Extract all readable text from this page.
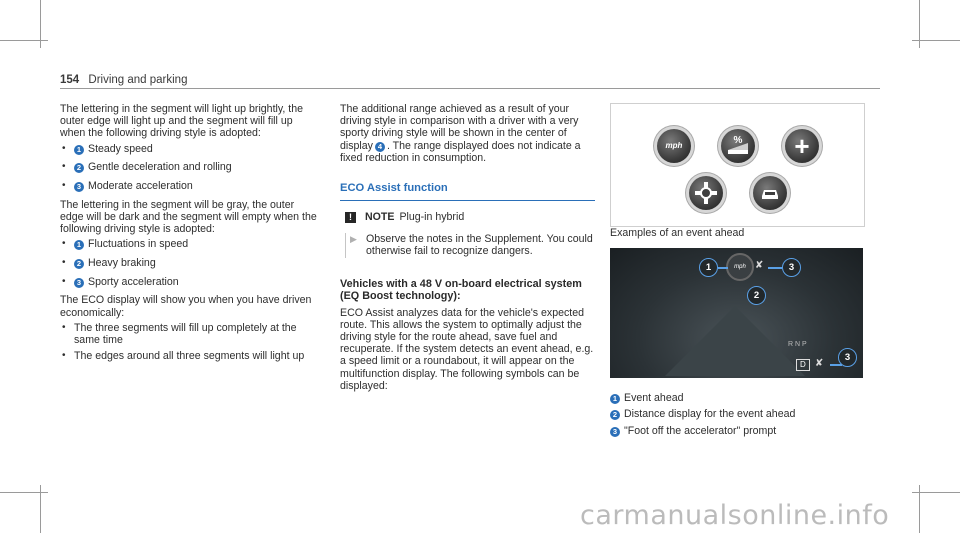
154 Driving and parking

The lettering in the segment will light up brightly, the outer edge will light up and the segment will fill up when the following driving style is adopted:

• 1 Steady speed
• 2 Gentle deceleration and rolling
• 3 Moderate acceleration

The lettering in the segment will be gray, the outer edge will be dark and the segment will empty when the following driving style is adopted:

• 1 Fluctuations in speed
• 2 Heavy braking
• 3 Sporty acceleration

The ECO display will show you when you have driven economically:

• The three segments will fill up completely at the same time
• The edges around all three segments will light up

The additional range achieved as a result of your driving style in comparison with a driver with a very sporty driving style will be shown in the center of display 4 . The range displayed does not indicate a fixed reduction in consumption.

ECO Assist function
!	NOTE Plug-in hybrid
▶ Observe the notes in the Supplement. You could otherwise fail to recognize dangers.

Vehicles with a 48 V on-board electrical system (EQ Boost technology):

ECO Assist analyzes data for the vehicle's expected route. This allows the system to optimally adjust the driving style for the route ahead, save fuel and recuperate. If the system detects an event ahead, e.g. a speed limit or a roundabout, it will appear on the multifunction display. The following symbols can be displayed:

mph	%	+

Examples of an event ahead

mph ✘
1	3
2
R N P
D ✘
3
1 Event ahead
2 Distance display for the event ahead
3 "Foot off the accelerator" prompt
carmanualsonline.info
